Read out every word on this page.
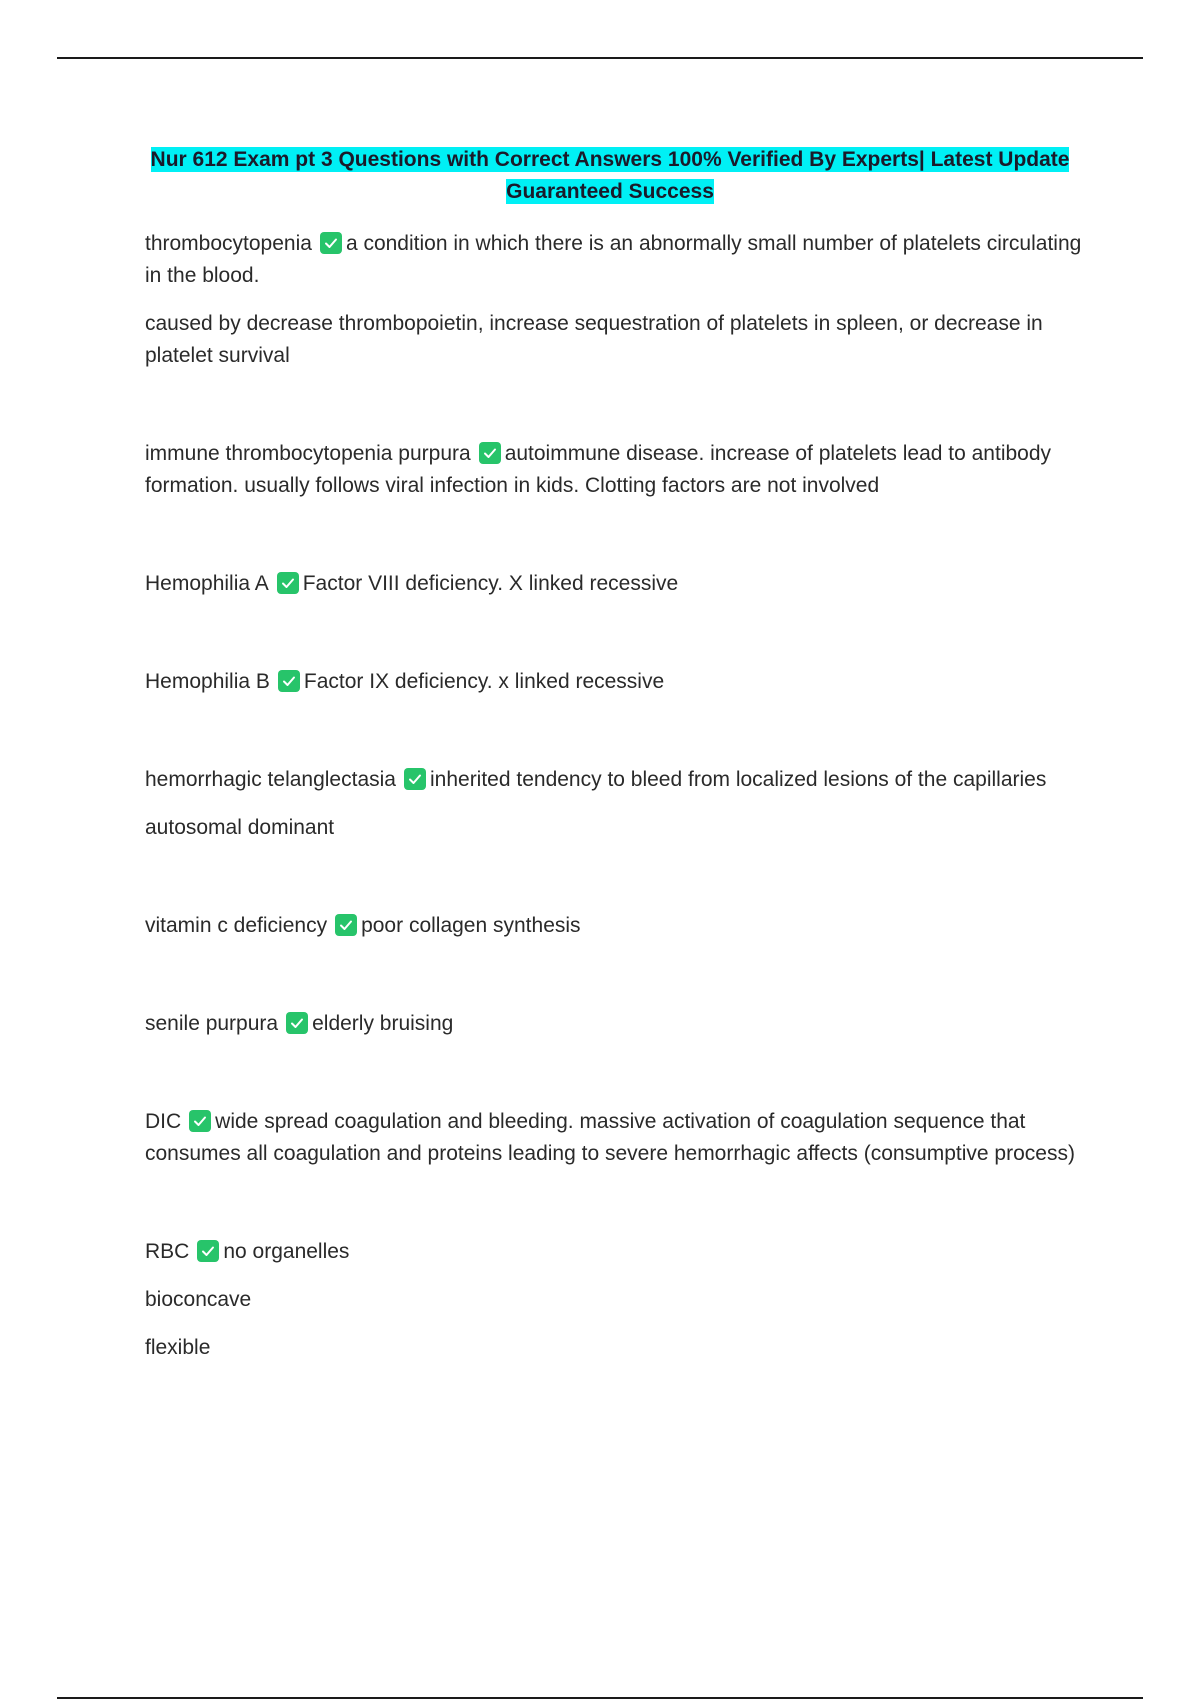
Nur 612 Exam pt 3 Questions with Correct Answers 100% Verified By Experts| Latest Update
Guaranteed Success

thrombocytopenia a condition in which there is an abnormally small number of platelets circulating in the blood.

caused by decrease thrombopoietin, increase sequestration of platelets in spleen, or decrease in platelet survival

immune thrombocytopenia purpura autoimmune disease. increase of platelets lead to antibody formation. usually follows viral infection in kids. Clotting factors are not involved

Hemophilia A Factor VIII deficiency. X linked recessive

Hemophilia B Factor IX deficiency. x linked recessive

hemorrhagic telanglectasia inherited tendency to bleed from localized lesions of the capillaries

autosomal dominant

vitamin c deficiency poor collagen synthesis

senile purpura elderly bruising

DIC wide spread coagulation and bleeding. massive activation of coagulation sequence that consumes all coagulation and proteins leading to severe hemorrhagic affects (consumptive process)

RBC no organelles

bioconcave

flexible
